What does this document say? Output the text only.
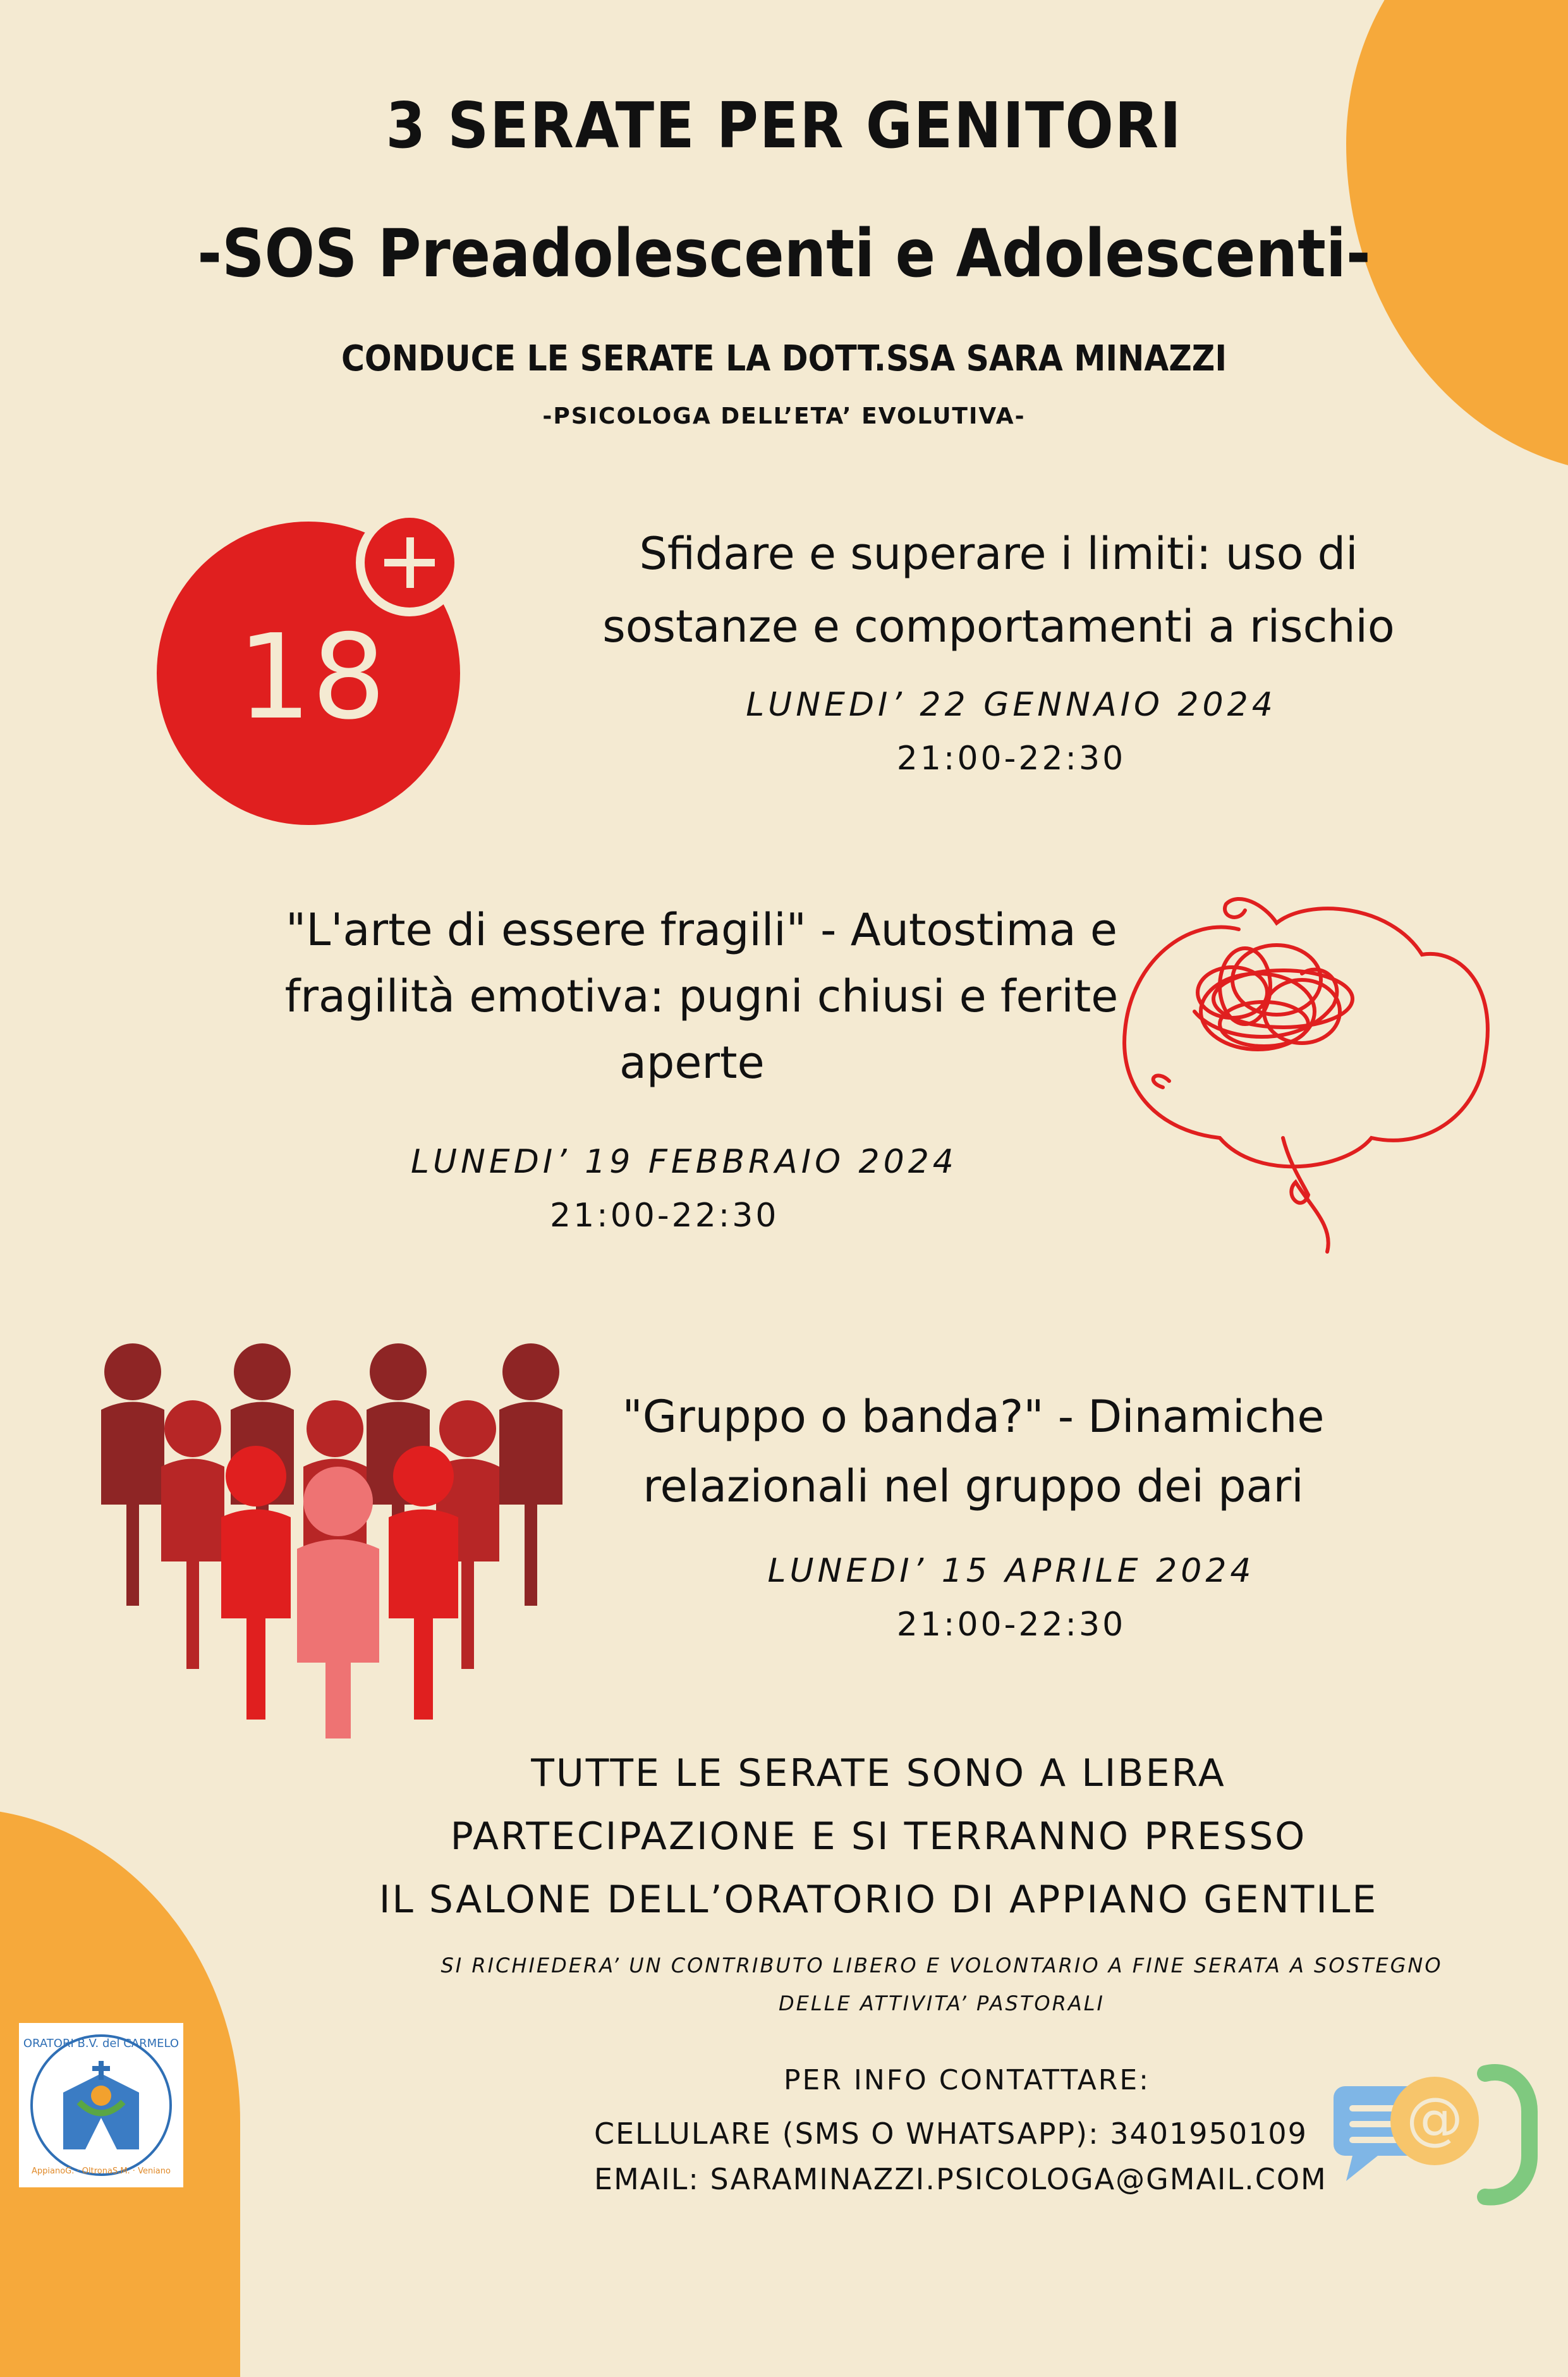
3 SERATE PER GENITORI
-SOS Preadolescenti e Adolescenti-
CONDUCE LE SERATE LA DOTT.SSA SARA MINAZZI
-PSICOLOGA DELL’ETA’ EVOLUTIVA-
18
Sfidare e superare i limiti: uso di
sostanze e comportamenti a rischio
LUNEDI’ 22 GENNAIO 2024
21:00-22:30
"L'arte di essere fragili" - Autostima e
fragilità emotiva: pugni chiusi e ferite
aperte
LUNEDI’ 19 FEBBRAIO 2024
21:00-22:30
"Gruppo o banda?" - Dinamiche
relazionali nel gruppo dei pari
LUNEDI’ 15 APRILE 2024
21:00-22:30
TUTTE LE SERATE SONO A LIBERA
PARTECIPAZIONE E SI TERRANNO PRESSO
IL SALONE DELL’ORATORIO DI APPIANO GENTILE
SI RICHIEDERA’ UN CONTRIBUTO LIBERO E VOLONTARIO A FINE SERATA A SOSTEGNO
DELLE ATTIVITA’ PASTORALI
PER INFO CONTATTARE:
CELLULARE (SMS O WHATSAPP): 3401950109
EMAIL: SARAMINAZZI.PSICOLOGA@GMAIL.COM
@
ORATORI B.V. del CARMELO
AppianoG. · OltronaS.M. · Veniano
